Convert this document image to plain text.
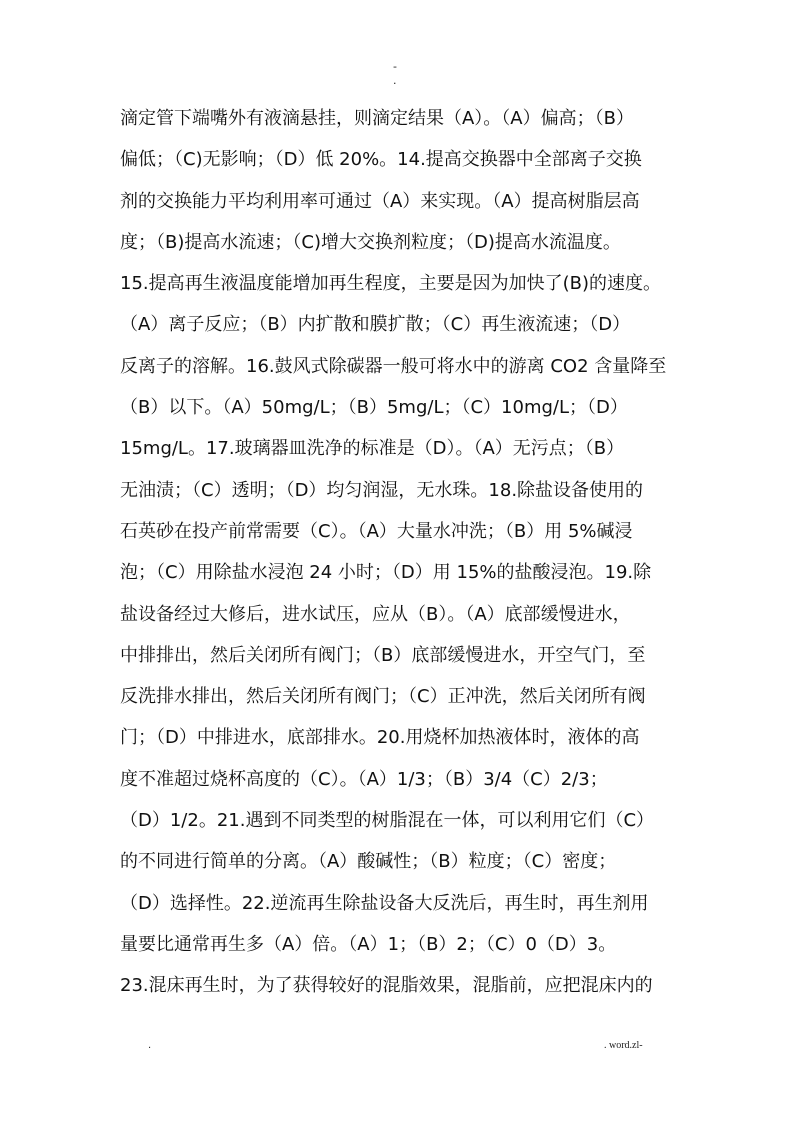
-
.
滴定管下端嘴外有液滴悬挂，则滴定结果（A）。（A）偏高；（B）
偏低；（C)无影响；（D）低 20%。14.提高交换器中全部离子交换
剂的交换能力平均利用率可通过（A）来实现。（A）提高树脂层高
度；（B)提高水流速；（C)增大交换剂粒度；（D)提高水流温度。
15.提高再生液温度能增加再生程度，主要是因为加快了(B)的速度。
（A）离子反应；（B）内扩散和膜扩散；（C）再生液流速；（D）
反离子的溶解。16.鼓风式除碳器一般可将水中的游离 CO2 含量降至
（B）以下。（A）50mg/L；（B）5mg/L；（C）10mg/L；（D）
15mg/L。17.玻璃器皿洗净的标准是（D）。（A）无污点；（B）
无油渍；（C）透明；（D）均匀润湿，无水珠。18.除盐设备使用的
石英砂在投产前常需要（C）。（A）大量水冲洗；（B）用 5%碱浸
泡；（C）用除盐水浸泡 24 小时；（D）用 15%的盐酸浸泡。19.除
盐设备经过大修后，进水试压，应从（B）。（A）底部缓慢进水，
中排排出，然后关闭所有阀门；（B）底部缓慢进水，开空气门，至
反洗排水排出，然后关闭所有阀门；（C）正冲洗，然后关闭所有阀
门；（D）中排进水，底部排水。20.用烧杯加热液体时，液体的高
度不准超过烧杯高度的（C）。（A）1/3；（B）3/4（C）2/3；
（D）1/2。21.遇到不同类型的树脂混在一体，可以利用它们（C）
的不同进行简单的分离。（A）酸碱性；（B）粒度；（C）密度；
（D）选择性。22.逆流再生除盐设备大反洗后，再生时，再生剂用
量要比通常再生多（A）倍。（A）1；（B）2；（C）0（D）3。
23.混床再生时，为了获得较好的混脂效果，混脂前，应把混床内的
.	. word.zl-
